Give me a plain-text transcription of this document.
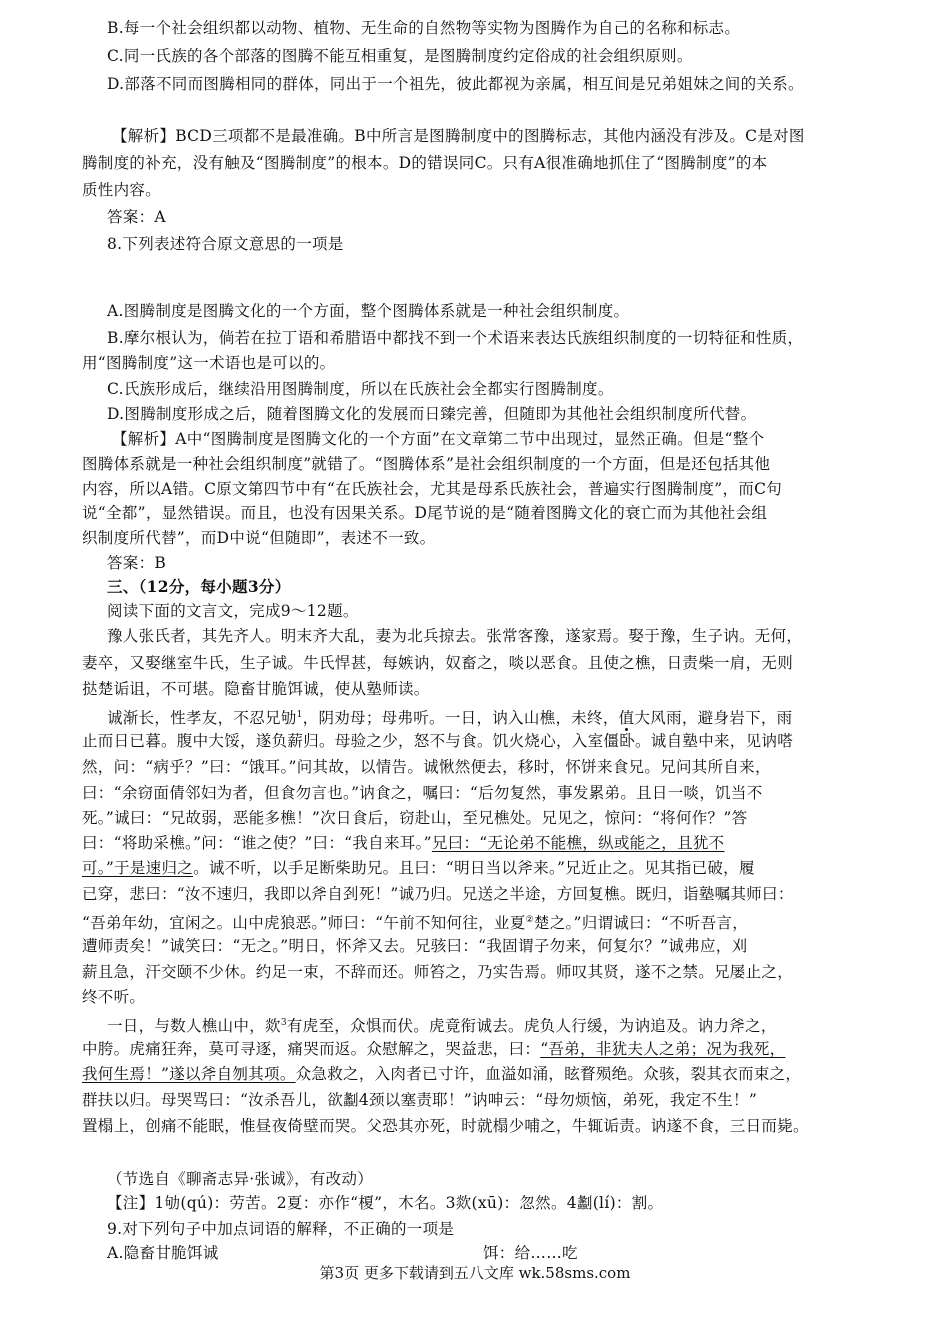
B.每一个社会组织都以动物、植物、无生命的自然物等实物为图腾作为自己的名称和标志。
C.同一氏族的各个部落的图腾不能互相重复，是图腾制度约定俗成的社会组织原则。
D.部落不同而图腾相同的群体，同出于一个祖先，彼此都视为亲属，相互间是兄弟姐妹之间的关系。
【解析】BCD三项都不是最准确。B中所言是图腾制度中的图腾标志，其他内涵没有涉及。C是对图
腾制度的补充，没有触及“图腾制度”的根本。D的错误同C。只有A很准确地抓住了“图腾制度”的本
质性内容。
答案：A
8.下列表述符合原文意思的一项是
A.图腾制度是图腾文化的一个方面，整个图腾体系就是一种社会组织制度。
B.摩尔根认为，倘若在拉丁语和希腊语中都找不到一个术语来表达氏族组织制度的一切特征和性质，
用“图腾制度”这一术语也是可以的。
C.氏族形成后，继续沿用图腾制度，所以在氏族社会全都实行图腾制度。
D.图腾制度形成之后，随着图腾文化的发展而日臻完善，但随即为其他社会组织制度所代替。
【解析】A中“图腾制度是图腾文化的一个方面”在文章第二节中出现过，显然正确。但是“整个
图腾体系就是一种社会组织制度”就错了。“图腾体系”是社会组织制度的一个方面，但是还包括其他
内容，所以A错。C原文第四节中有“在氏族社会，尤其是母系氏族社会，普遍实行图腾制度”，而C句
说“全都”，显然错误。而且，也没有因果关系。D尾节说的是“随着图腾文化的衰亡而为其他社会组
织制度所代替”，而D中说“但随即”，表述不一致。
答案：B
三、（12分，每小题3分）
阅读下面的文言文，完成9～12题。
豫人张氏者，其先齐人。明末齐大乱，妻为北兵掠去。张常客豫，遂家焉。娶于豫，生子讷。无何，
妻卒，又娶继室牛氏，生子诚。牛氏悍甚，每嫉讷，奴畜之，啖以恶食。且使之樵，日责柴一肩，无则
挞楚诟诅，不可堪。隐畜甘脆饵诚，使从塾师读。
诚渐长，性孝友，不忍兄劬$^1$，阴劝母；母弗听。一日，讷入山樵，未终，值大风雨，避身岩下，雨
止而日已暮。腹中大馁，遂负薪归。母验之少，怒不与食。饥火烧心，入室僵卧。诚自塾中来，见讷嗒
然，问：“病乎？”曰：“饿耳。”问其故，以情告。诚愀然便去，移时，怀饼来食兄。兄问其所自来，
曰：“余窃面倩邻妇为者，但食勿言也。”讷食之，嘱曰：“后勿复然，事发累弟。且日一啖，饥当不
死。”诚曰：“兄故弱，恶能多樵！”次日食后，窃赴山，至兄樵处。兄见之，惊问：“将何作？”答
曰：“将助采樵。”问：“谁之使？”曰：“我自来耳。”兄曰：“无论弟不能樵，纵或能之，且犹不
可。”于是速归之。诚不听，以手足断柴助兄。且曰：“明日当以斧来。”兄近止之。见其指已破，履
已穿，悲曰：“汝不速归，我即以斧自刭死！”诚乃归。兄送之半途，方回复樵。既归，诣塾嘱其师曰：
“吾弟年幼，宜闲之。山中虎狼恶。”师曰：“午前不知何往，业夏②楚之。”归谓诚曰：“不听吾言，
遭师责矣！”诚笑曰：“无之。”明日，怀斧又去。兄骇曰：“我固谓子勿来，何复尔？”诚弗应，刈
薪且急，汗交颐不少休。约足一束，不辞而还。师笞之，乃实告焉。师叹其贤，遂不之禁。兄屡止之，
终不听。
一日，与数人樵山中，欻$^3$有虎至，众惧而伏。虎竟衔诚去。虎负人行缓，为讷追及。讷力斧之，
中胯。虎痛狂奔，莫可寻逐，痛哭而返。众慰解之，哭益悲，曰：“吾弟，非犹夫人之弟；况为我死，
我何生焉！”遂以斧自刎其项。众急救之，入肉者已寸许，血溢如涌，眩瞀殒绝。众骇，裂其衣而束之，
群扶以归。母哭骂曰：“汝杀吾儿，欲劙4颈以塞责耶！”讷呻云：“母勿烦恼，弟死，我定不生！”
置榻上，创痛不能眠，惟昼夜倚壁而哭。父恐其亦死，时就榻少哺之，牛辄诟责。讷遂不食，三日而毙。
（节选自《聊斋志异·张诚》，有改动）
【注】1劬(qú)：劳苦。2夏：亦作“榎”，木名。3欻(xū)：忽然。4劙(lí)：割。
9.对下列句子中加点词语的解释，不正确的一项是
A.隐畜甘脆饵诚	饵：给……吃
第3页 更多下载请到五八文库 wk.58sms.com
